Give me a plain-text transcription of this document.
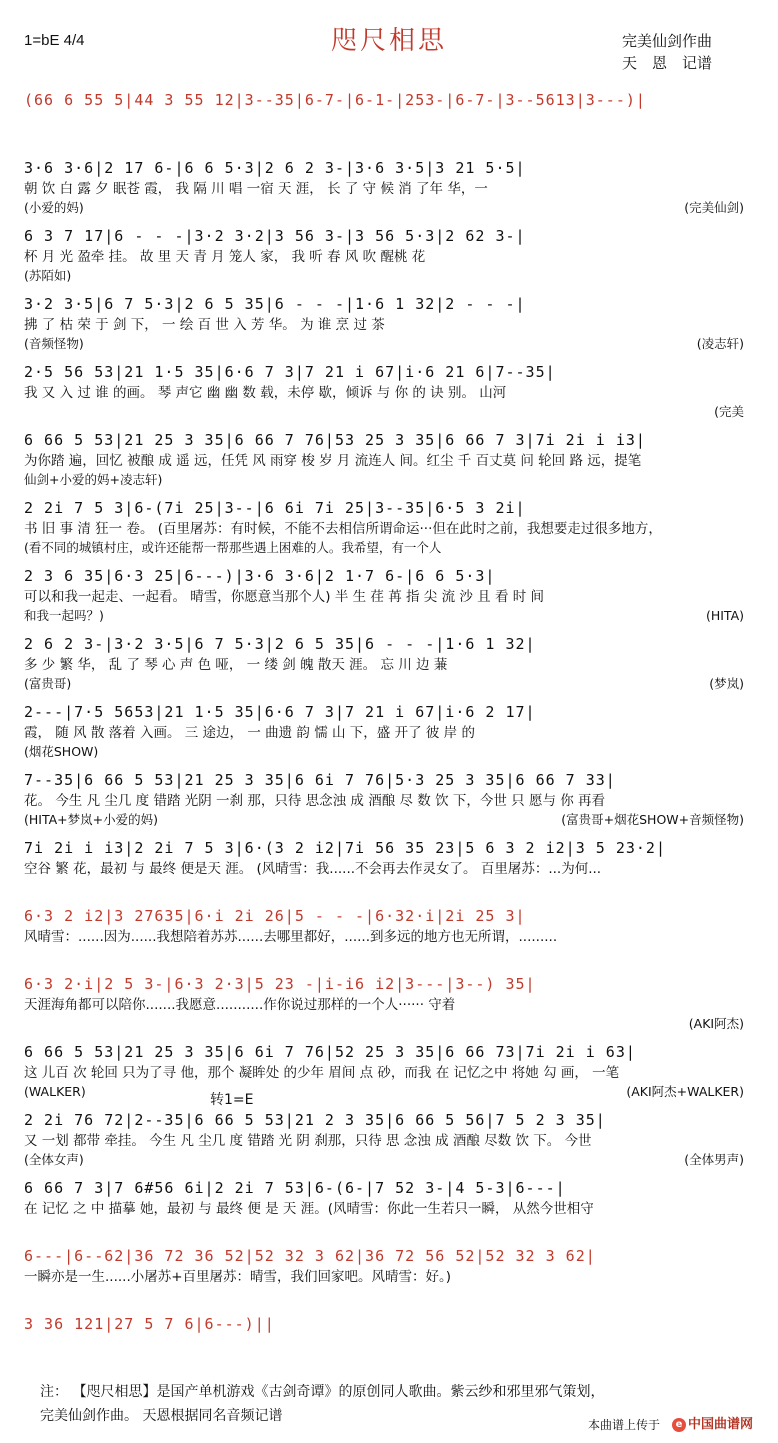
1=bE 4/4	咫尺相思	完美仙剑作曲
天　恩　记谱
(66 6 55 5|44 3 55 12|3--35|6-7-|6-1-|253-|6-7-|3--5613|3---)|
3·6 3·6|2 17 6-|6 6 5·3|2 6 2 3-|3·6 3·5|3 21 5·5|
朝 饮 白 露 夕 眠苍 霞， 我 隔 川 唱 一宿 天 涯， 长 了 守 候 消 了年 华，一
(小爱的妈)	(完美仙剑)
6 3 7 17|6 - - -|3·2 3·2|3 56 3-|3 56 5·3|2 62 3-|
杯 月 光 盈牵 挂。 故 里 天 青 月 笼人 家， 我 听 春 风 吹 醒桃 花
(苏陌如)
3·2 3·5|6 7 5·3|2 6 5 35|6 - - -|1·6 1 32|2 - - -|
拂 了 枯 荣 于 剑 下， 一 绘 百 世 入 芳 华。 为 谁 烹 过 茶
(音频怪物)	(凌志轩)
2·5 56 53|21 1·5 35|6·6 7 3|7 21 i 67|i·6 21 6|7--35|
我 又 入 过 谁 的画。 琴 声它 幽 幽 数 载，未停 歇，倾诉 与 你 的 诀 别。 山河
(完美
6 66 5 53|21 25 3 35|6 66 7 76|53 25 3 35|6 66 7 3|7i 2i i i3|
为你踏 遍，回忆 被酿 成 遥 远，任凭 风 雨穿 梭 岁 月 流连人 间。红尘 千 百丈莫 问 轮回 路 远，提笔
仙剑+小爱的妈+凌志轩)
2 2i 7 5 3|6-(7i 25|3--|6 6i 7i 25|3--35|6·5 3 2i|
书 旧 事 清 狂一 卷。 (百里屠苏：有时候，不能不去相信所谓命运···但在此时之前，我想要走过很多地方，
(看不同的城镇村庄，或许还能帮一帮那些遇上困难的人。我希望，有一个人
2 3 6 35|6·3 25|6---)|3·6 3·6|2 1·7 6-|6 6 5·3|
可以和我一起走、一起看。 晴雪，你愿意当那个人) 半 生 荏 苒 指 尖 流 沙 且 看 时 间
和我一起吗？)	(HITA)
2 6 2 3-|3·2 3·5|6 7 5·3|2 6 5 35|6 - - -|1·6 1 32|
多 少 繁 华， 乱 了 琴 心 声 色 哑， 一 缕 剑 魄 散天 涯。 忘 川 边 蒹
(富贵哥)	(梦岚)
2---|7·5 5653|21 1·5 35|6·6 7 3|7 21 i 67|i·6 2 17|
霞， 随 风 散 落着 入画。 三 途边， 一 曲遗 韵 懦 山 下，盛 开了 彼 岸 的
(烟花SHOW)
7--35|6 66 5 53|21 25 3 35|6 6i 7 76|5·3 25 3 35|6 66 7 33|
花。 今生 凡 尘几 度 错踏 光阴 一刹 那，只待 思念浊 成 酒酿 尽 数 饮 下，今世 只 愿与 你 再看
(HITA+梦岚+小爱的妈)	(富贵哥+烟花SHOW+音频怪物)
7i 2i i i3|2 2i 7 5 3|6·(3 2 i2|7i 56 35 23|5 6 3 2 i2|3 5 23·2|
空谷 繁 花，最初 与 最终 便是天 涯。 (风晴雪：我......不会再去作灵女了。 百里屠苏：...为何...
6·3 2 i2|3 27635|6·i 2i 26|5 - - -|6·32·i|2i 25 3|
风晴雪：......因为......我想陪着苏苏......去哪里都好，......到多远的地方也无所谓，.........
6·3 2·i|2 5 3-|6·3 2·3|5 23 -|i-i6 i2|3---|3--) 35|
天涯海角都可以陪你.......我愿意...........作你说过那样的一个人······ 守着
(AKI阿杰)
6 66 5 53|21 25 3 35|6 6i 7 76|52 25 3 35|6 66 73|7i 2i i 63|
这 儿百 次 轮回 只为了寻 他，那个 凝眸处 的少年 眉间 点 砂，而我 在 记忆之中 将她 勾 画， 一笔
(WALKER)	(AKI阿杰+WALKER)
2 2i 76 72|2--35|6 66 5 53|21 2 3 35|6 66 5 56|7 5 2 3 35|
又 一划 都带 牵挂。 今生 凡 尘几 度 错踏 光 阴 刹那，只待 思 念浊 成 酒酿 尽数 饮 下。 今世
(全体女声)	(全体男声)
转1=E
6 66 7 3|7 6#56 6i|2 2i 7 53|6-(6-|7 52 3-|4 5-3|6---|
在 记忆 之 中 描摹 她，最初 与 最终 便 是 天 涯。(风晴雪：你此一生若只一瞬， 从然今世相守
6---|6--62|36 72 36 52|52 32 3 62|36 72 56 52|52 32 3 62|
一瞬亦是一生......小屠苏+百里屠苏：晴雪，我们回家吧。风晴雪：好。)
3 36 121|27 5 7 6|6---)||
注： 【咫尺相思】是国产单机游戏《古剑奇谭》的原创同人歌曲。紫云纱和邪里邪气策划，
完美仙剑作曲。 天恩根据同名音频记谱
本曲谱上传于	e 中国曲谱网
